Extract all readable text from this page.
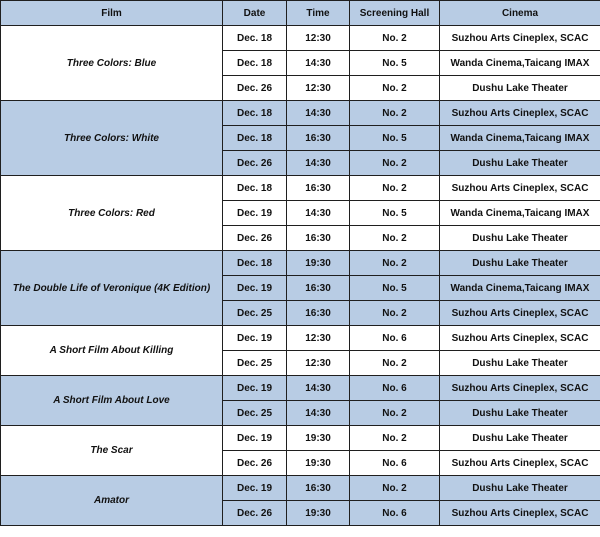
Film	Date	Time	Screening Hall	Cinema
Three Colors: Blue	Dec. 18	12:30	No. 2	Suzhou Arts Cineplex, SCAC
	Dec. 18	14:30	No. 5	Wanda Cinema,Taicang IMAX
	Dec. 26	12:30	No. 2	Dushu Lake Theater
Three Colors: White	Dec. 18	14:30	No. 2	Suzhou Arts Cineplex, SCAC
	Dec. 18	16:30	No. 5	Wanda Cinema,Taicang IMAX
	Dec. 26	14:30	No. 2	Dushu Lake Theater
Three Colors: Red	Dec. 18	16:30	No. 2	Suzhou Arts Cineplex, SCAC
	Dec. 19	14:30	No. 5	Wanda Cinema,Taicang IMAX
	Dec. 26	16:30	No. 2	Dushu Lake Theater
The Double Life of Veronique (4K Edition)	Dec. 18	19:30	No. 2	Dushu Lake Theater
	Dec. 19	16:30	No. 5	Wanda Cinema,Taicang IMAX
	Dec. 25	16:30	No. 2	Suzhou Arts Cineplex, SCAC
A Short Film About Killing	Dec. 19	12:30	No. 6	Suzhou Arts Cineplex, SCAC
	Dec. 25	12:30	No. 2	Dushu Lake Theater
A Short Film About Love	Dec. 19	14:30	No. 6	Suzhou Arts Cineplex, SCAC
	Dec. 25	14:30	No. 2	Dushu Lake Theater
The Scar	Dec. 19	19:30	No. 2	Dushu Lake Theater
	Dec. 26	19:30	No. 6	Suzhou Arts Cineplex, SCAC
Amator	Dec. 19	16:30	No. 2	Dushu Lake Theater
	Dec. 26	19:30	No. 6	Suzhou Arts Cineplex, SCAC
